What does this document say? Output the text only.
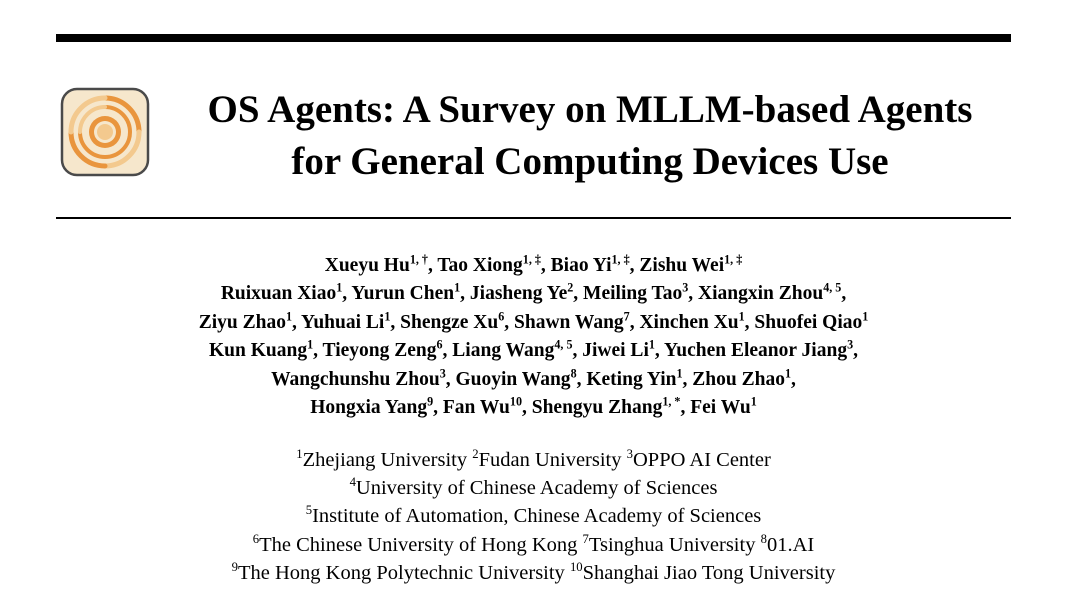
OS Agents: A Survey on MLLM-based Agents
for General Computing Devices Use
Xueyu $Hu^{1, \dagger}$, Tao Xiong$^{1, \ddagger}$, Biao $Yi^{1, \ddagger}$, Zishu Wei$^{1, \ddagger}$
Ruixuan Xiao$^1$, Yurun Chen$^1$, Jiasheng Ye$^2$, Meiling Tao$^3$, Xiangxin Zhou$^{4, 5}$,
Ziyu Zhao$^1$, Yuhuai Li$^1$, Shengze Xu$^6$, Shawn Wang$^7$, Xinchen Xu$^1$, Shuofei Qiao$^1$
Kun Kuang$^1$, Tieyong Zeng$^6$, Liang Wang$^{4, 5}$, Jiwei Li$^1$, Yuchen Eleanor Jiang$^3$,
Wangchunshu Zhou$^3$, Guoyin Wang$^8$, Keting Yin$^1$, Zhou Zhao$^1$,
Hongxia Yang$^9$, Fan Wu$^{10}$, Shengyu Zhang$^{1, *}$, Fei Wu$^1$
$^1$Zhejiang University $^2$Fudan University $^3$OPPO AI Center
$^4$University of Chinese Academy of Sciences
$^5$Institute of Automation, Chinese Academy of Sciences
$^6$The Chinese University of Hong Kong $^7$Tsinghua University $^8$01.AI
$^9$The Hong Kong Polytechnic University $^{10}$Shanghai Jiao Tong University
